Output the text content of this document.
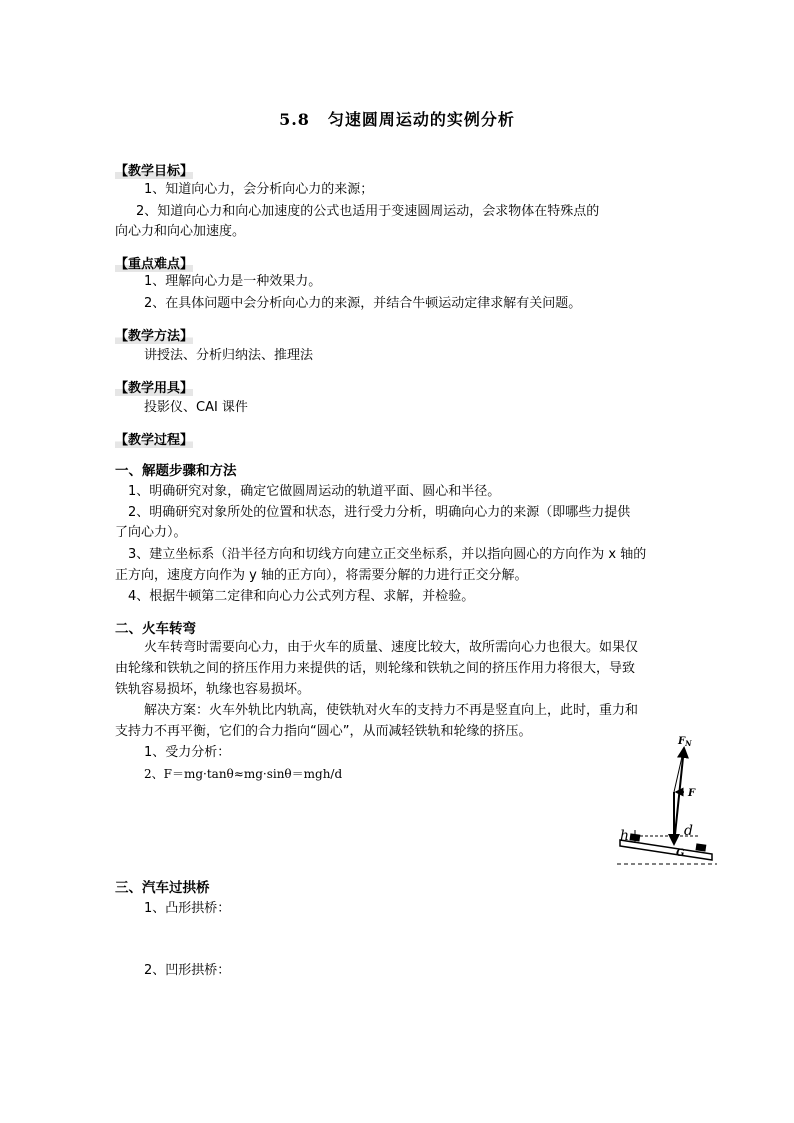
5.8 匀速圆周运动的实例分析
【教学目标】
1、知道向心力，会分析向心力的来源；
2、知道向心力和向心加速度的公式也适用于变速圆周运动，会求物体在特殊点的
向心力和向心加速度。
【重点难点】
1、理解向心力是一种效果力。
2、在具体问题中会分析向心力的来源，并结合牛顿运动定律求解有关问题。
【教学方法】
讲授法、分析归纳法、推理法
【教学用具】
投影仪、CAI 课件
【教学过程】
一、解题步骤和方法
1、明确研究对象，确定它做圆周运动的轨道平面、圆心和半径。
2、明确研究对象所处的位置和状态，进行受力分析，明确向心力的来源（即哪些力提供
了向心力）。
3、建立坐标系（沿半径方向和切线方向建立正交坐标系，并以指向圆心的方向作为 x 轴的
正方向，速度方向作为 y 轴的正方向），将需要分解的力进行正交分解。
4、根据牛顿第二定律和向心力公式列方程、求解，并检验。
二、火车转弯
火车转弯时需要向心力，由于火车的质量、速度比较大，故所需向心力也很大。如果仅
由轮缘和铁轨之间的挤压作用力来提供的话，则轮缘和铁轨之间的挤压作用力将很大，导致
铁轨容易损坏，轨缘也容易损坏。
解决方案：火车外轨比内轨高，使铁轨对火车的支持力不再是竖直向上，此时，重力和
支持力不再平衡，它们的合力指向“圆心”，从而减轻铁轨和轮缘的挤压。
1、受力分析：
2、F＝mg·tanθ≈mg·sinθ＝mgh/d
$F_N$
F
d
h
G
三、汽车过拱桥
1、凸形拱桥：
2、凹形拱桥：
